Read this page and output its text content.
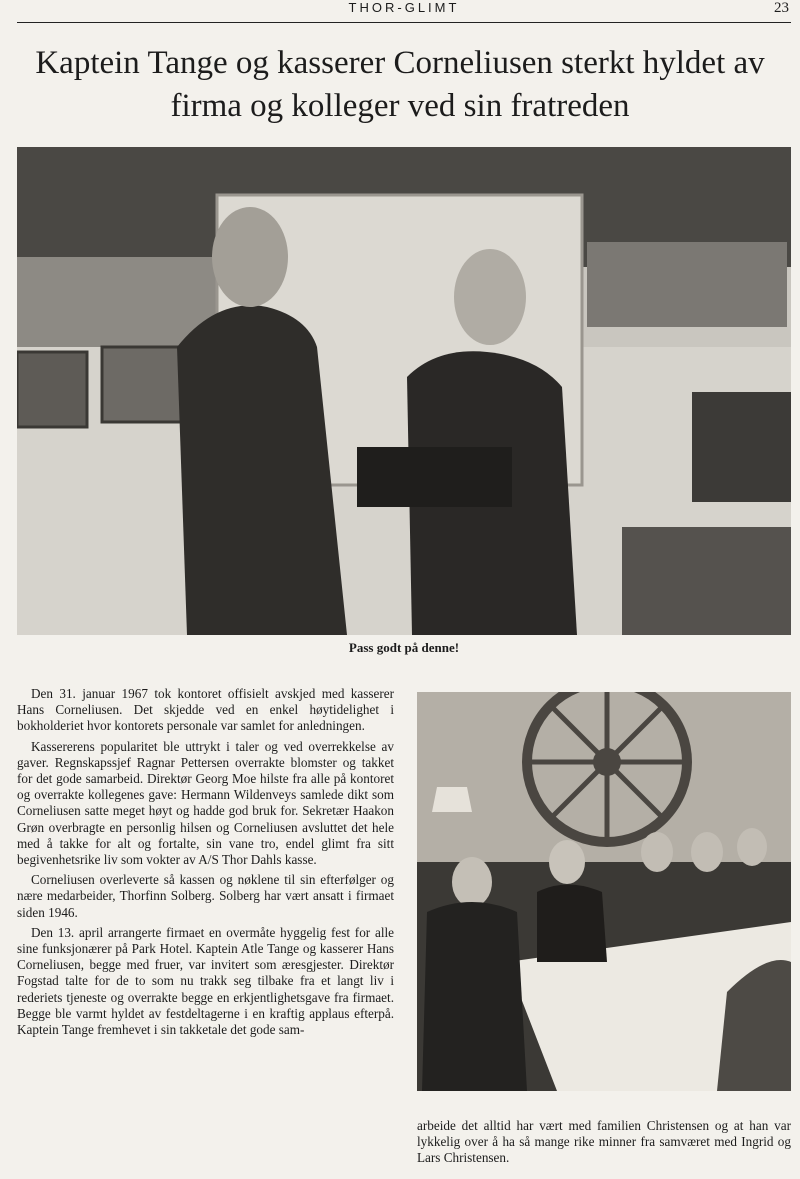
THOR-GLIMT	23
Kaptein Tange og kasserer Corneliusen sterkt hyldet av firma og kolleger ved sin fratreden
Pass godt på denne!

Den 31. januar 1967 tok kontoret offisielt avskjed med kasserer Hans Corneliusen. Det skjedde ved en enkel høytidelighet i bokholderiet hvor kontorets personale var samlet for anledningen.

Kassererens popularitet ble uttrykt i taler og ved overrekkelse av gaver. Regnskapssjef Ragnar Pettersen overrakte blomster og takket for det gode samarbeid. Direktør Georg Moe hilste fra alle på kontoret og overrakte kollegenes gave: Hermann Wildenveys samlede dikt som Corneliusen satte meget høyt og hadde god bruk for. Sekretær Haakon Grøn overbragte en personlig hilsen og Corneliusen avsluttet det hele med å takke for alt og fortalte, sin vane tro, endel glimt fra sitt begivenhetsrike liv som vokter av A/S Thor Dahls kasse.

Corneliusen overleverte så kassen og nøklene til sin efterfølger og nære medarbeider, Thorfinn Solberg. Solberg har vært ansatt i firmaet siden 1946.

Den 13. april arrangerte firmaet en overmåte hyggelig fest for alle sine funksjonærer på Park Hotel. Kaptein Atle Tange og kasserer Hans Corneliusen, begge med fruer, var invitert som æresgjester. Direktør Fogstad talte for de to som nu trakk seg tilbake fra et langt liv i rederiets tjeneste og overrakte begge en erkjentlighetsgave fra firmaet. Begge ble varmt hyldet av festdeltagerne i en kraftig applaus efterpå. Kaptein Tange fremhevet i sin takketale det gode sam-

arbeide det alltid har vært med familien Christensen og at han var lykkelig over å ha så mange rike minner fra samværet med Ingrid og Lars Christensen.
